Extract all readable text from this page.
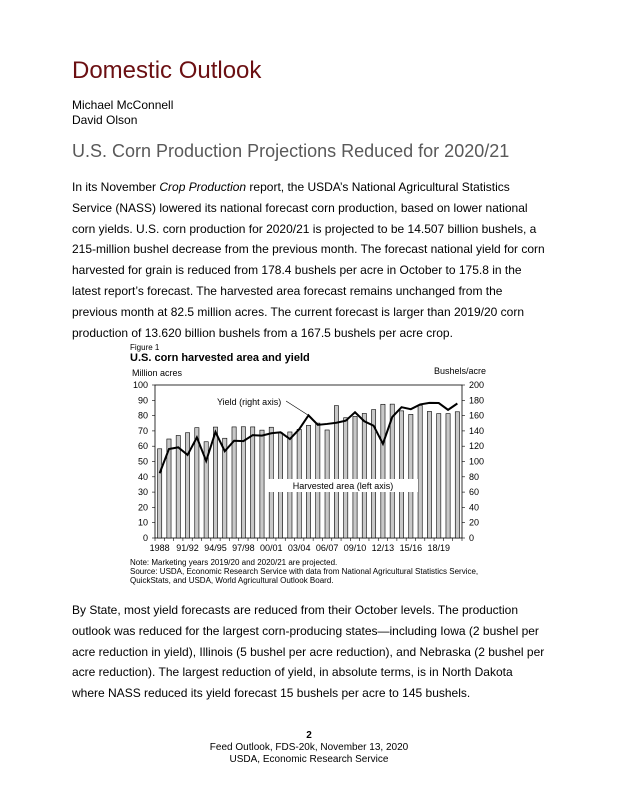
Domestic Outlook
Michael McConnell
David Olson
U.S. Corn Production Projections Reduced for 2020/21

In its November Crop Production report, the USDA’s National Agricultural Statistics Service (NASS) lowered its national forecast corn production, based on lower national corn yields. U.S. corn production for 2020/21 is projected to be 14.507 billion bushels, a 215-million bushel decrease from the previous month. The forecast national yield for corn harvested for grain is reduced from 178.4 bushels per acre in October to 175.8 in the latest report’s forecast. The harvested area forecast remains unchanged from the previous month at 82.5 million acres. The current forecast is larger than 2019/20 corn production of 13.620 billion bushels from a 167.5 bushels per acre crop.

Figure 1
U.S. corn harvested area and yield
Million acres	Bushels/acre
0
10
20
30
40
50
60
70
80
90
100
0
20
40
60
80
100
120
140
160
180
200
1988 91/92 94/95 97/98 00/01 03/04 06/07 09/10 12/13 15/16 18/19
Harvested area (left axis)
Yield (right axis)
Note: Marketing years 2019/20 and 2020/21 are projected.
Source: USDA, Economic Research Service with data from National Agricultural Statistics Service,
QuickStats, and USDA, World Agricultural Outlook Board.

By State, most yield forecasts are reduced from their October levels. The production outlook was reduced for the largest corn-producing states—including Iowa (2 bushel per acre reduction in yield), Illinois (5 bushel per acre reduction), and Nebraska (2 bushel per acre reduction). The largest reduction of yield, in absolute terms, is in North Dakota where NASS reduced its yield forecast 15 bushels per acre to 145 bushels.

2
Feed Outlook, FDS-20k, November 13, 2020
USDA, Economic Research Service
